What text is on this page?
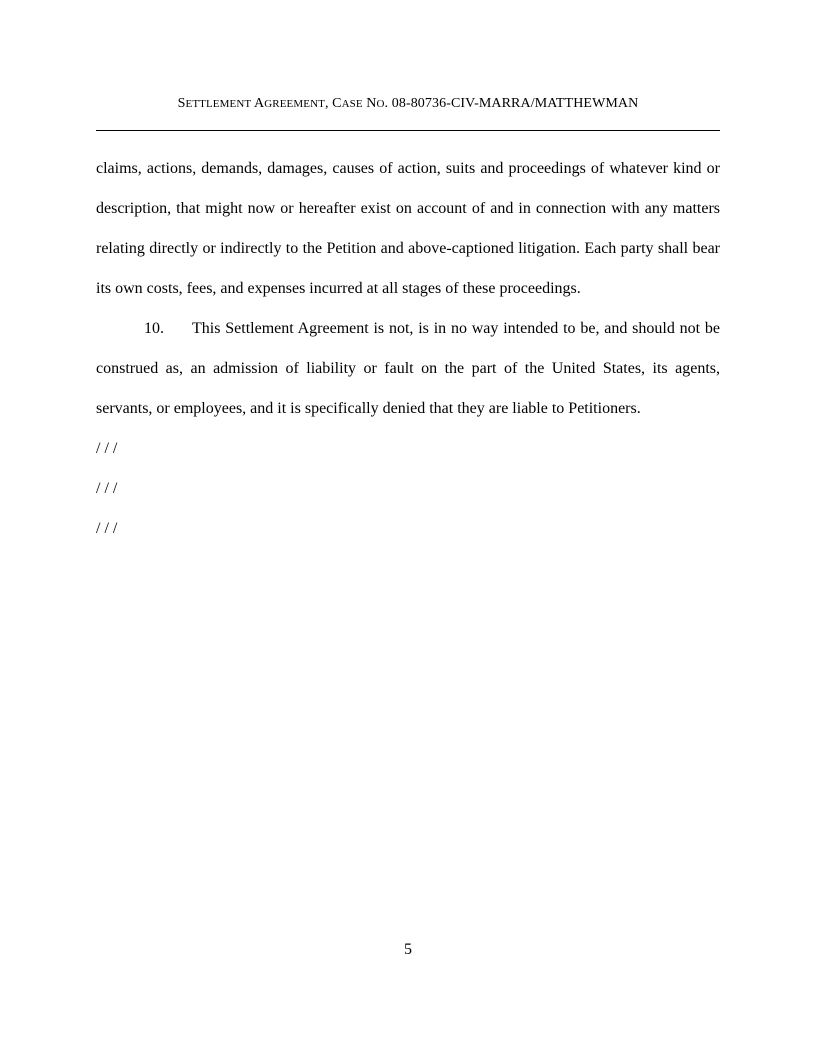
SETTLEMENT AGREEMENT, CASE NO. 08-80736-CIV-MARRA/MATTHEWMAN

claims, actions, demands, damages, causes of action, suits and proceedings of whatever kind or description, that might now or hereafter exist on account of and in connection with any matters relating directly or indirectly to the Petition and above-captioned litigation. Each party shall bear its own costs, fees, and expenses incurred at all stages of these proceedings.

10. This Settlement Agreement is not, is in no way intended to be, and should not be construed as, an admission of liability or fault on the part of the United States, its agents, servants, or employees, and it is specifically denied that they are liable to Petitioners.

/ / /

/ / /

/ / /

5
